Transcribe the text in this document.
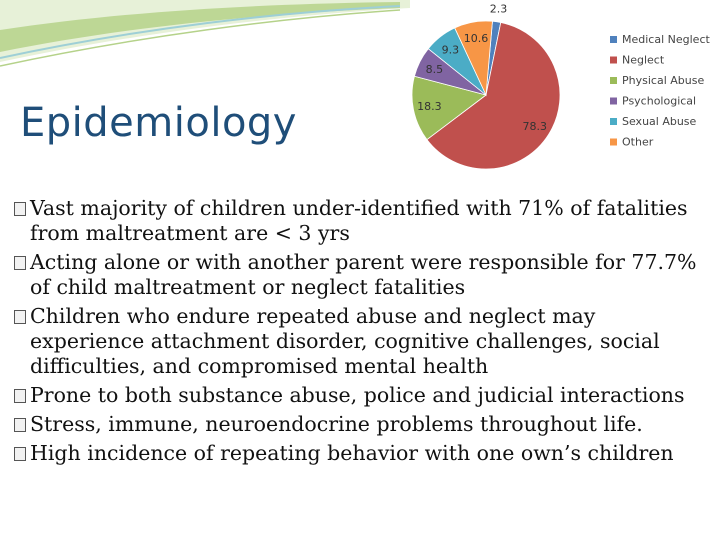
Epidemiology
2.3
78.3
18.3
8.5
9.3
10.6	Medical Neglect
Neglect
Physical Abuse
Psychological
Sexual Abuse
Other
Vast majority of children under-identified with 71% of fatalities from maltreatment are < 3 yrs
Acting alone or with another parent were responsible for 77.7% of child maltreatment or neglect fatalities
Children who endure repeated abuse and neglect may experience attachment disorder, cognitive challenges, social difficulties, and compromised mental health
Prone to both substance abuse, police and judicial interactions
Stress, immune, neuroendocrine problems throughout life.
High incidence of repeating behavior with one own’s children
